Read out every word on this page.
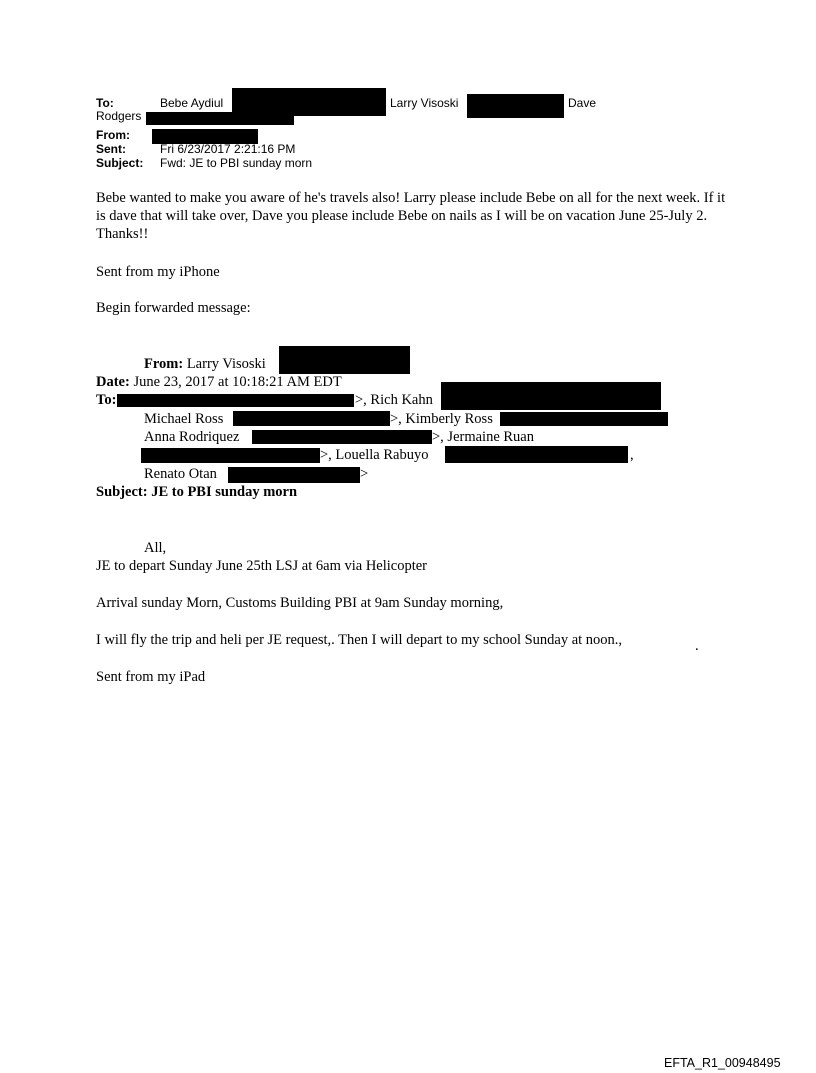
To:	Bebe Aydiul	Larry Visoski	Dave
Rodgers
From:
Sent:	Fri 6/23/2017 2:21:16 PM
Subject: Fwd: JE to PBI sunday morn
Bebe wanted to make you aware of he's travels also! Larry please include Bebe on all for the next week. If it is dave that will take over, Dave you please include Bebe on nails as I will be on vacation June 25-July 2. Thanks!!
Sent from my iPhone
Begin forwarded message:
From: Larry Visoski
Date: June 23, 2017 at 10:18:21 AM EDT
To:	>, Rich Kahn
Michael Ross	>, Kimberly Ross
Anna Rodriquez	>, Jermaine Ruan
>, Louella Rabuyo	,
Renato Otan	>
Subject: JE to PBI sunday morn
All,
JE to depart Sunday June 25th LSJ at 6am via Helicopter
Arrival sunday Morn, Customs Building PBI at 9am Sunday morning,
I will fly the trip and heli per JE request,. Then I will depart to my school Sunday at noon.,	.
Sent from my iPad
EFTA_R1_00948495
